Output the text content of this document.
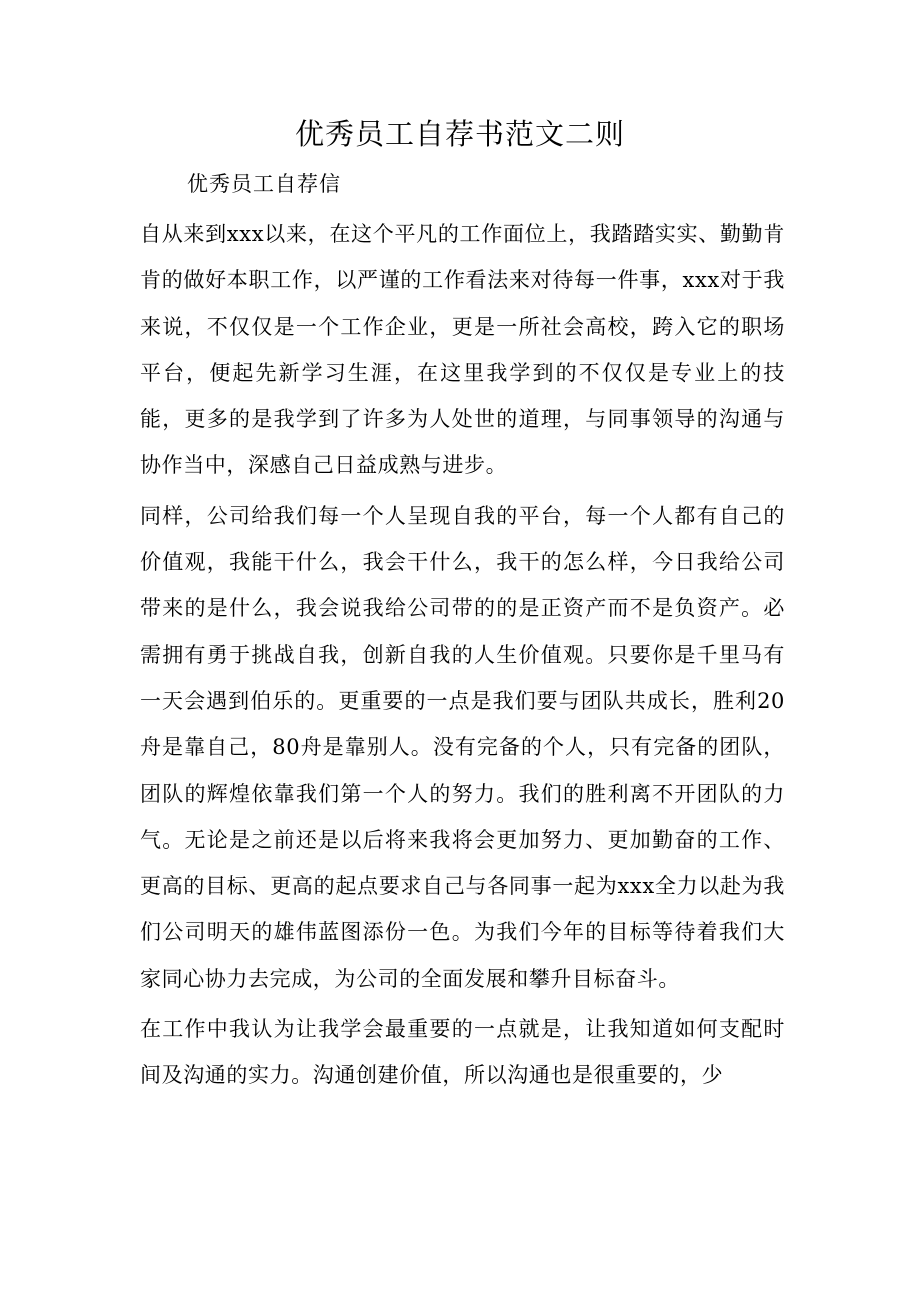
优秀员工自荐书范文二则

优秀员工自荐信

自从来到xxx以来，在这个平凡的工作面位上，我踏踏实实、勤勤肯肯的做好本职工作，以严谨的工作看法来对待每一件事，xxx对于我来说，不仅仅是一个工作企业，更是一所社会高校，跨入它的职场平台，便起先新学习生涯，在这里我学到的不仅仅是专业上的技能，更多的是我学到了许多为人处世的道理，与同事领导的沟通与协作当中，深感自己日益成熟与进步。

同样，公司给我们每一个人呈现自我的平台，每一个人都有自己的价值观，我能干什么，我会干什么，我干的怎么样，今日我给公司带来的是什么，我会说我给公司带的的是正资产而不是负资产。必需拥有勇于挑战自我，创新自我的人生价值观。只要你是千里马有一天会遇到伯乐的。更重要的一点是我们要与团队共成长，胜利20舟是靠自己，80舟是靠别人。没有完备的个人，只有完备的团队，团队的辉煌依靠我们第一个人的努力。我们的胜利离不开团队的力气。无论是之前还是以后将来我将会更加努力、更加勤奋的工作、更高的目标、更高的起点要求自己与各同事一起为xxx全力以赴为我们公司明天的雄伟蓝图添份一色。为我们今年的目标等待着我们大家同心协力去完成，为公司的全面发展和攀升目标奋斗。

在工作中我认为让我学会最重要的一点就是，让我知道如何支配时间及沟通的实力。沟通创建价值，所以沟通也是很重要的，少
